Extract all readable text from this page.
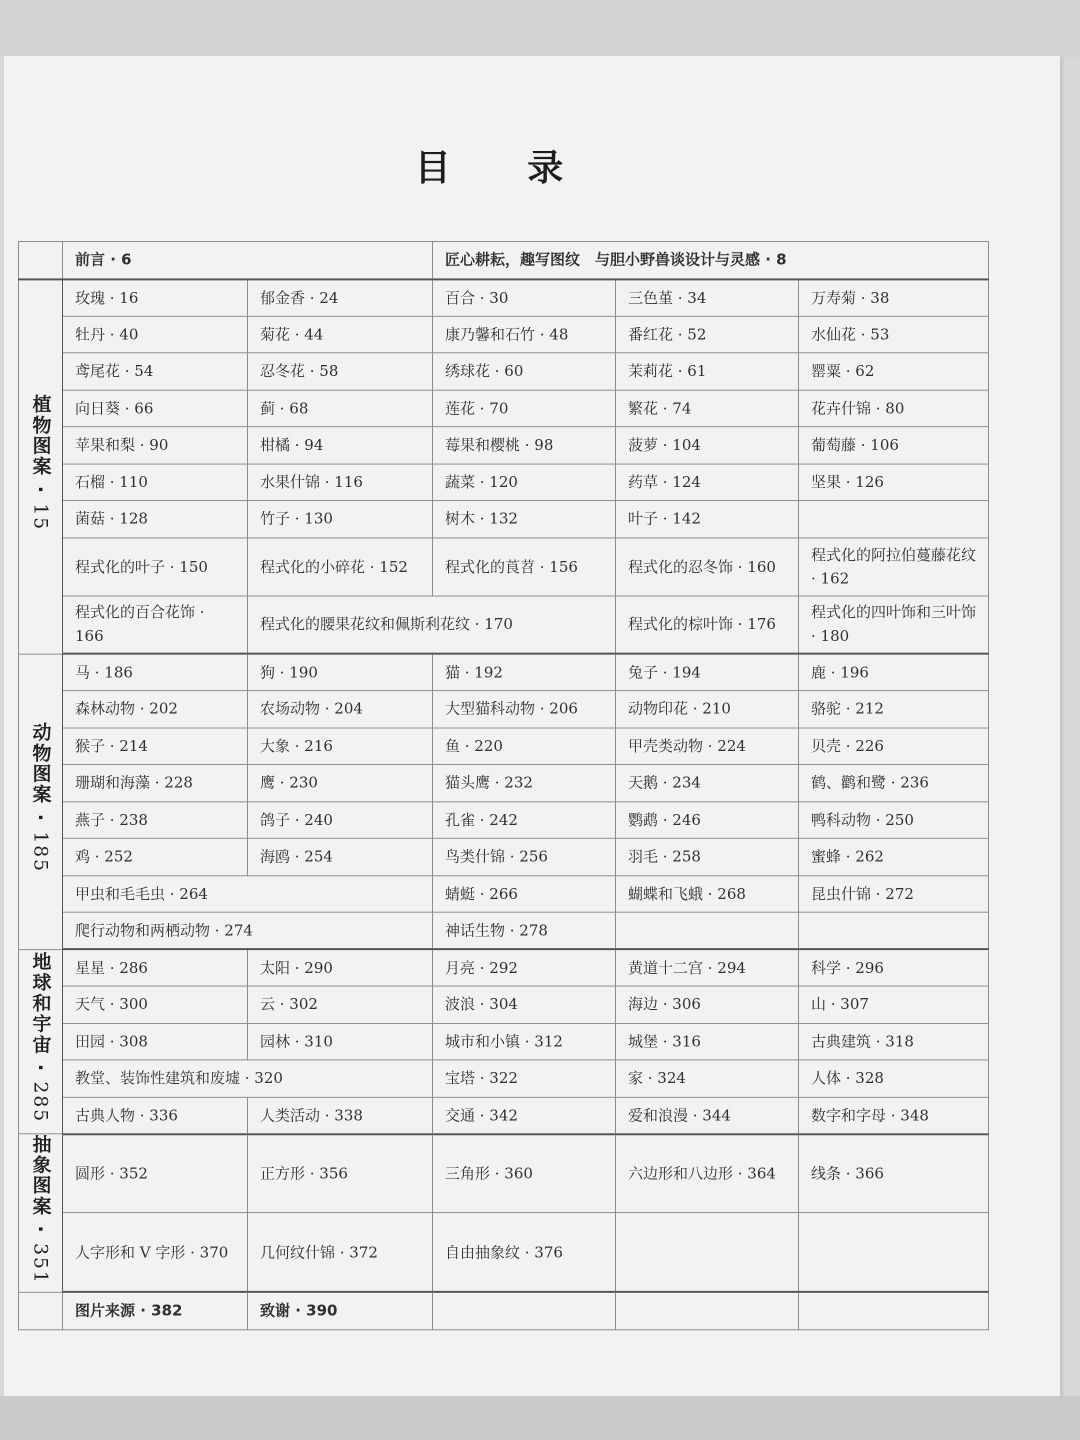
目 录
	前言 · 6		匠心耕耘，趣写图纹　与胆小野兽谈设计与灵感 · 8		
植物图案 · 15	玫瑰 · 16	郁金香 · 24	百合 · 30	三色堇 · 34	万寿菊 · 38
	牡丹 · 40	菊花 · 44	康乃馨和石竹 · 48	番红花 · 52	水仙花 · 53
	鸢尾花 · 54	忍冬花 · 58	绣球花 · 60	茉莉花 · 61	罂粟 · 62
	向日葵 · 66	蓟 · 68	莲花 · 70	繁花 · 74	花卉什锦 · 80
	苹果和梨 · 90	柑橘 · 94	莓果和樱桃 · 98	菠萝 · 104	葡萄藤 · 106
	石榴 · 110	水果什锦 · 116	蔬菜 · 120	药草 · 124	坚果 · 126
	菌菇 · 128	竹子 · 130	树木 · 132	叶子 · 142	
	程式化的叶子 · 150	程式化的小碎花 · 152	程式化的莨苕 · 156	程式化的忍冬饰 · 160	程式化的阿拉伯蔓藤花纹 · 162
	程式化的百合花饰 · 166	程式化的腰果花纹和佩斯利花纹 · 170		程式化的棕叶饰 · 176	程式化的四叶饰和三叶饰 · 180
动物图案 · 185	马 · 186	狗 · 190	猫 · 192	兔子 · 194	鹿 · 196
	森林动物 · 202	农场动物 · 204	大型猫科动物 · 206	动物印花 · 210	骆驼 · 212
	猴子 · 214	大象 · 216	鱼 · 220	甲壳类动物 · 224	贝壳 · 226
	珊瑚和海藻 · 228	鹰 · 230	猫头鹰 · 232	天鹅 · 234	鹤、鹳和鹭 · 236
	燕子 · 238	鸽子 · 240	孔雀 · 242	鹦鹉 · 246	鸭科动物 · 250
	鸡 · 252	海鸥 · 254	鸟类什锦 · 256	羽毛 · 258	蜜蜂 · 262
	甲虫和毛毛虫 · 264		蜻蜓 · 266	蝴蝶和飞蛾 · 268	昆虫什锦 · 272
	爬行动物和两栖动物 · 274		神话生物 · 278		
地球和宇宙 · 285	星星 · 286	太阳 · 290	月亮 · 292	黄道十二宫 · 294	科学 · 296
	天气 · 300	云 · 302	波浪 · 304	海边 · 306	山 · 307
	田园 · 308	园林 · 310	城市和小镇 · 312	城堡 · 316	古典建筑 · 318
	教堂、装饰性建筑和废墟 · 320		宝塔 · 322	家 · 324	人体 · 328
	古典人物 · 336	人类活动 · 338	交通 · 342	爱和浪漫 · 344	数字和字母 · 348
抽象图案 · 351	圆形 · 352	正方形 · 356	三角形 · 360	六边形和八边形 · 364	线条 · 366
	人字形和 V 字形 · 370	几何纹什锦 · 372	自由抽象纹 · 376		
	图片来源 · 382	致谢 · 390			
